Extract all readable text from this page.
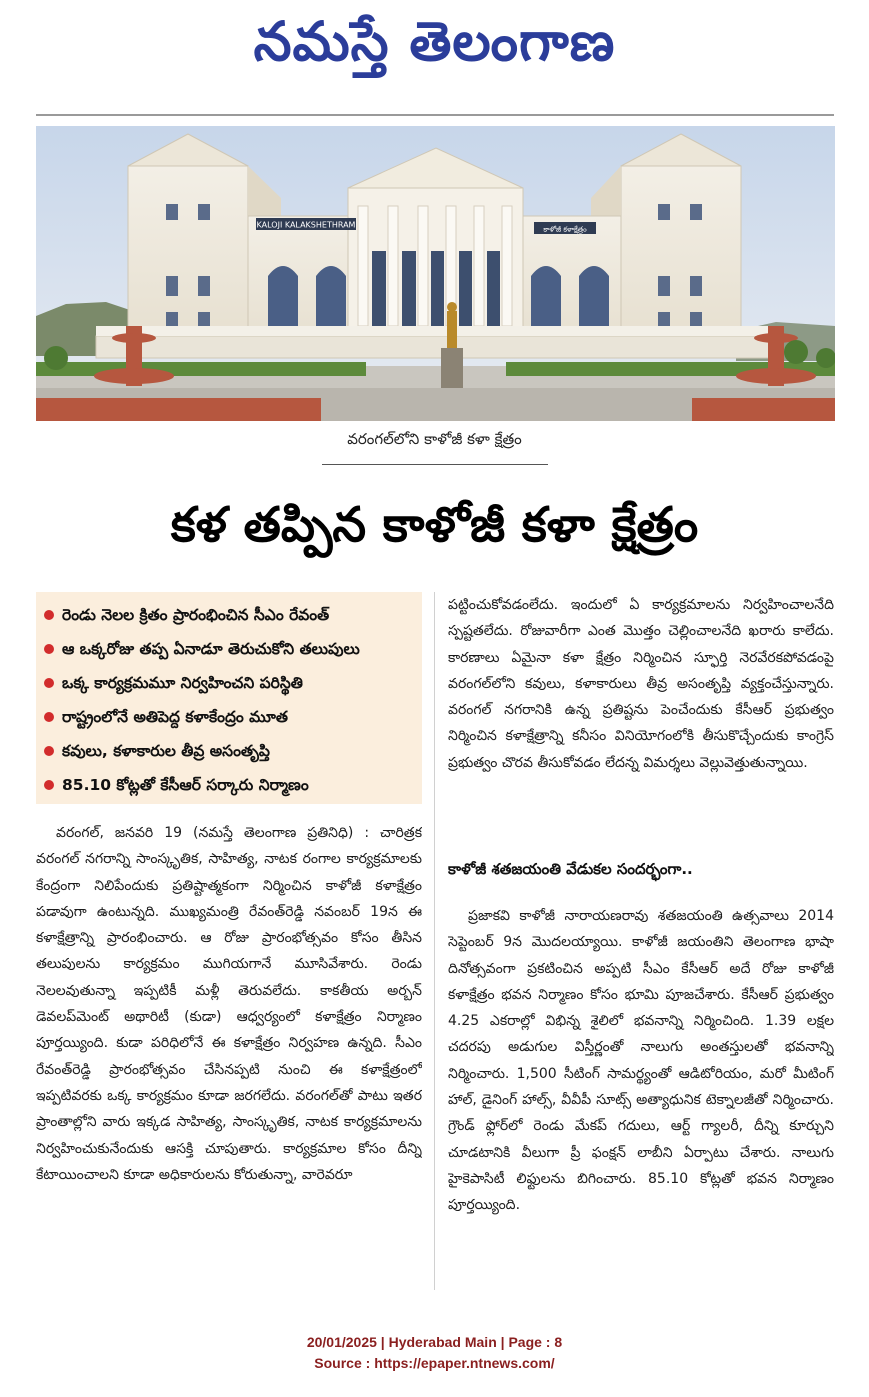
నమస్తే తెలంగాణ
KALOJI KALAKSHETHRAM	కాళోజీ కళాక్షేత్రం
వరంగల్‌లోని కాళోజీ కళా క్షేత్రం
కళ తప్పిన కాళోజీ కళా క్షేత్రం
రెండు నెలల క్రితం ప్రారంభించిన సీఎం రేవంత్
ఆ ఒక్కరోజు తప్ప ఏనాడూ తెరుచుకోని తలుపులు
ఒక్క కార్యక్రమమూ నిర్వహించని పరిస్థితి
రాష్ట్రంలోనే అతిపెద్ద కళాకేంద్రం మూత
కవులు, కళాకారుల తీవ్ర అసంతృప్తి
85.10 కోట్లతో కేసీఆర్ సర్కారు నిర్మాణం
వరంగల్, జనవరి 19 (నమస్తే తెలంగాణ ప్రతినిధి) : చారిత్రక వరంగల్ నగరాన్ని సాంస్కృతిక, సాహిత్య, నాటక రంగాల కార్యక్రమాలకు కేంద్రంగా నిలిపేందుకు ప్రతిష్టాత్మకంగా నిర్మించిన కాళోజీ కళాక్షేత్రం పడావుగా ఉంటున్నది. ముఖ్యమంత్రి రేవంత్‌రెడ్డి నవంబర్ 19న ఈ కళాక్షేత్రాన్ని ప్రారంభించారు. ఆ రోజు ప్రారంభోత్సవం కోసం తీసిన తలుపులను కార్యక్రమం ముగియగానే మూసివేశారు. రెండు నెలలవుతున్నా ఇప్పటికీ మళ్లీ తెరువలేదు. కాకతీయ అర్బన్ డెవలప్‌మెంట్ అథారిటీ (కుడా) ఆధ్వర్యంలో కళాక్షేత్రం నిర్మాణం పూర్తయ్యింది. కుడా పరిధిలోనే ఈ కళాక్షేత్రం నిర్వహణ ఉన్నది. సీఎం రేవంత్‌రెడ్డి ప్రారంభోత్సవం చేసినప్పటి నుంచి ఈ కళాక్షేత్రంలో ఇప్పటివరకు ఒక్క కార్యక్రమం కూడా జరగలేదు. వరంగల్‌తో పాటు ఇతర ప్రాంతాల్లోని వారు ఇక్కడ సాహిత్య, సాంస్కృతిక, నాటక కార్యక్రమాలను నిర్వహించుకునేందుకు ఆసక్తి చూపుతారు. కార్యక్రమాల కోసం దీన్ని కేటాయించాలని కూడా అధికారులను కోరుతున్నా, వారెవరూ
పట్టించుకోవడంలేదు. ఇందులో ఏ కార్యక్రమాలను నిర్వహించాలనేది స్పష్టతలేదు. రోజువారీగా ఎంత మొత్తం చెల్లించాలనేది ఖరారు కాలేదు. కారణాలు ఏమైనా కళా క్షేత్రం నిర్మించిన స్ఫూర్తి నెరవేరకపోవడంపై వరంగల్‌లోని కవులు, కళాకారులు తీవ్ర అసంతృప్తి వ్యక్తంచేస్తున్నారు. వరంగల్ నగరానికి ఉన్న ప్రతిష్టను పెంచేందుకు కేసీఆర్ ప్రభుత్వం నిర్మించిన కళాక్షేత్రాన్ని కనీసం వినియోగంలోకి తీసుకొచ్చేందుకు కాంగ్రెస్ ప్రభుత్వం చొరవ తీసుకోవడం లేదన్న విమర్శలు వెల్లువెత్తుతున్నాయి.
కాళోజీ శతజయంతి వేడుకల సందర్భంగా..
ప్రజాకవి కాళోజీ నారాయణరావు శతజయంతి ఉత్సవాలు 2014 సెప్టెంబర్ 9న మొదలయ్యాయి. కాళోజీ జయంతిని తెలంగాణ భాషా దినోత్సవంగా ప్రకటించిన అప్పటి సీఎం కేసీఆర్ అదే రోజు కాళోజీ కళాక్షేత్రం భవన నిర్మాణం కోసం భూమి పూజచేశారు. కేసీఆర్ ప్రభుత్వం 4.25 ఎకరాల్లో విభిన్న శైలిలో భవనాన్ని నిర్మించింది. 1.39 లక్షల చదరపు అడుగుల విస్తీర్ణంతో నాలుగు అంతస్తులతో భవనాన్ని నిర్మించారు. 1,500 సీటింగ్ సామర్థ్యంతో ఆడిటోరియం, మరో మీటింగ్ హాల్, డైనింగ్ హాల్స్, వీవీపీ సూట్స్ అత్యాధునిక టెక్నాలజీతో నిర్మించారు. గ్రౌండ్ ఫ్లోర్‌లో రెండు మేకప్ గదులు, ఆర్ట్ గ్యాలరీ, దీన్ని కూర్చుని చూడటానికి వీలుగా ప్రీ ఫంక్షన్ లాబీని ఏర్పాటు చేశారు. నాలుగు హైకెపాసిటీ లిఫ్టులను బిగించారు. 85.10 కోట్లతో భవన నిర్మాణం పూర్తయ్యింది.
20/01/2025 | Hyderabad Main | Page : 8
Source : https://epaper.ntnews.com/
